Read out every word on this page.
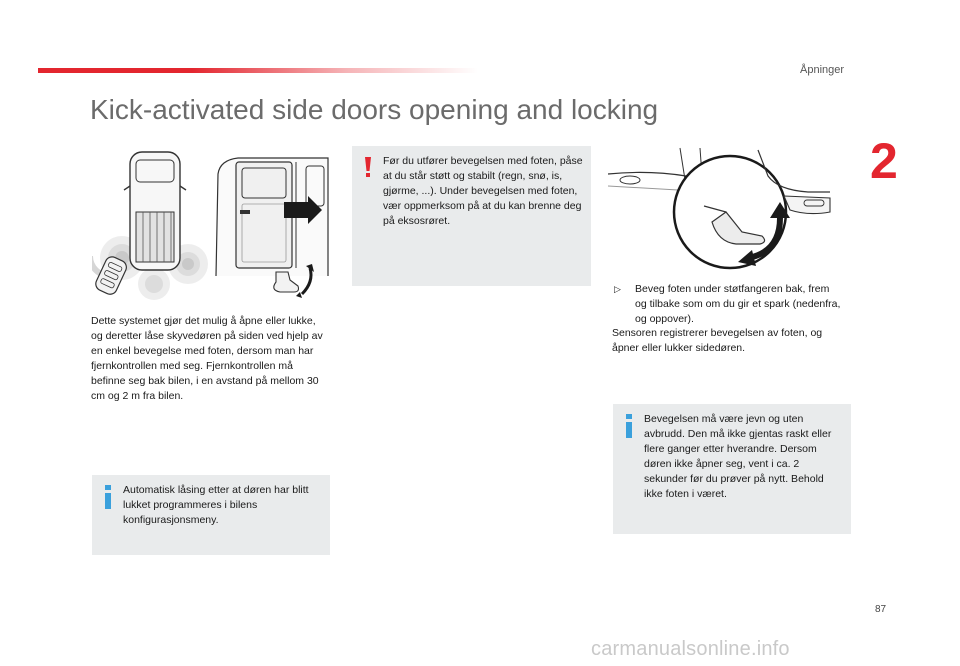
Åpninger
2
Kick-activated side doors opening and locking
Dette systemet gjør det mulig å åpne eller lukke, og deretter låse skyvedøren på siden ved hjelp av en enkel bevegelse med foten, dersom man har fjernkontrollen med seg. Fjernkontrollen må befinne seg bak bilen, i en avstand på mellom 30 cm og 2 m fra bilen.
Før du utfører bevegelsen med foten, påse at du står støtt og stabilt (regn, snø, is, gjørme, ...). Under bevegelsen med foten, vær oppmerksom på at du kan brenne deg på eksosrøret.
Automatisk låsing etter at døren har blitt lukket programmeres i bilens konfigurasjonsmeny.
▷ Beveg foten under støtfangeren bak, frem og tilbake som om du gir et spark (nedenfra, og oppover).
Sensoren registrerer bevegelsen av foten, og åpner eller lukker sidedøren.
Bevegelsen må være jevn og uten avbrudd. Den må ikke gjentas raskt eller flere ganger etter hverandre. Dersom døren ikke åpner seg, vent i ca. 2 sekunder før du prøver på nytt. Behold ikke foten i været.
87
carmanualsonline.info
